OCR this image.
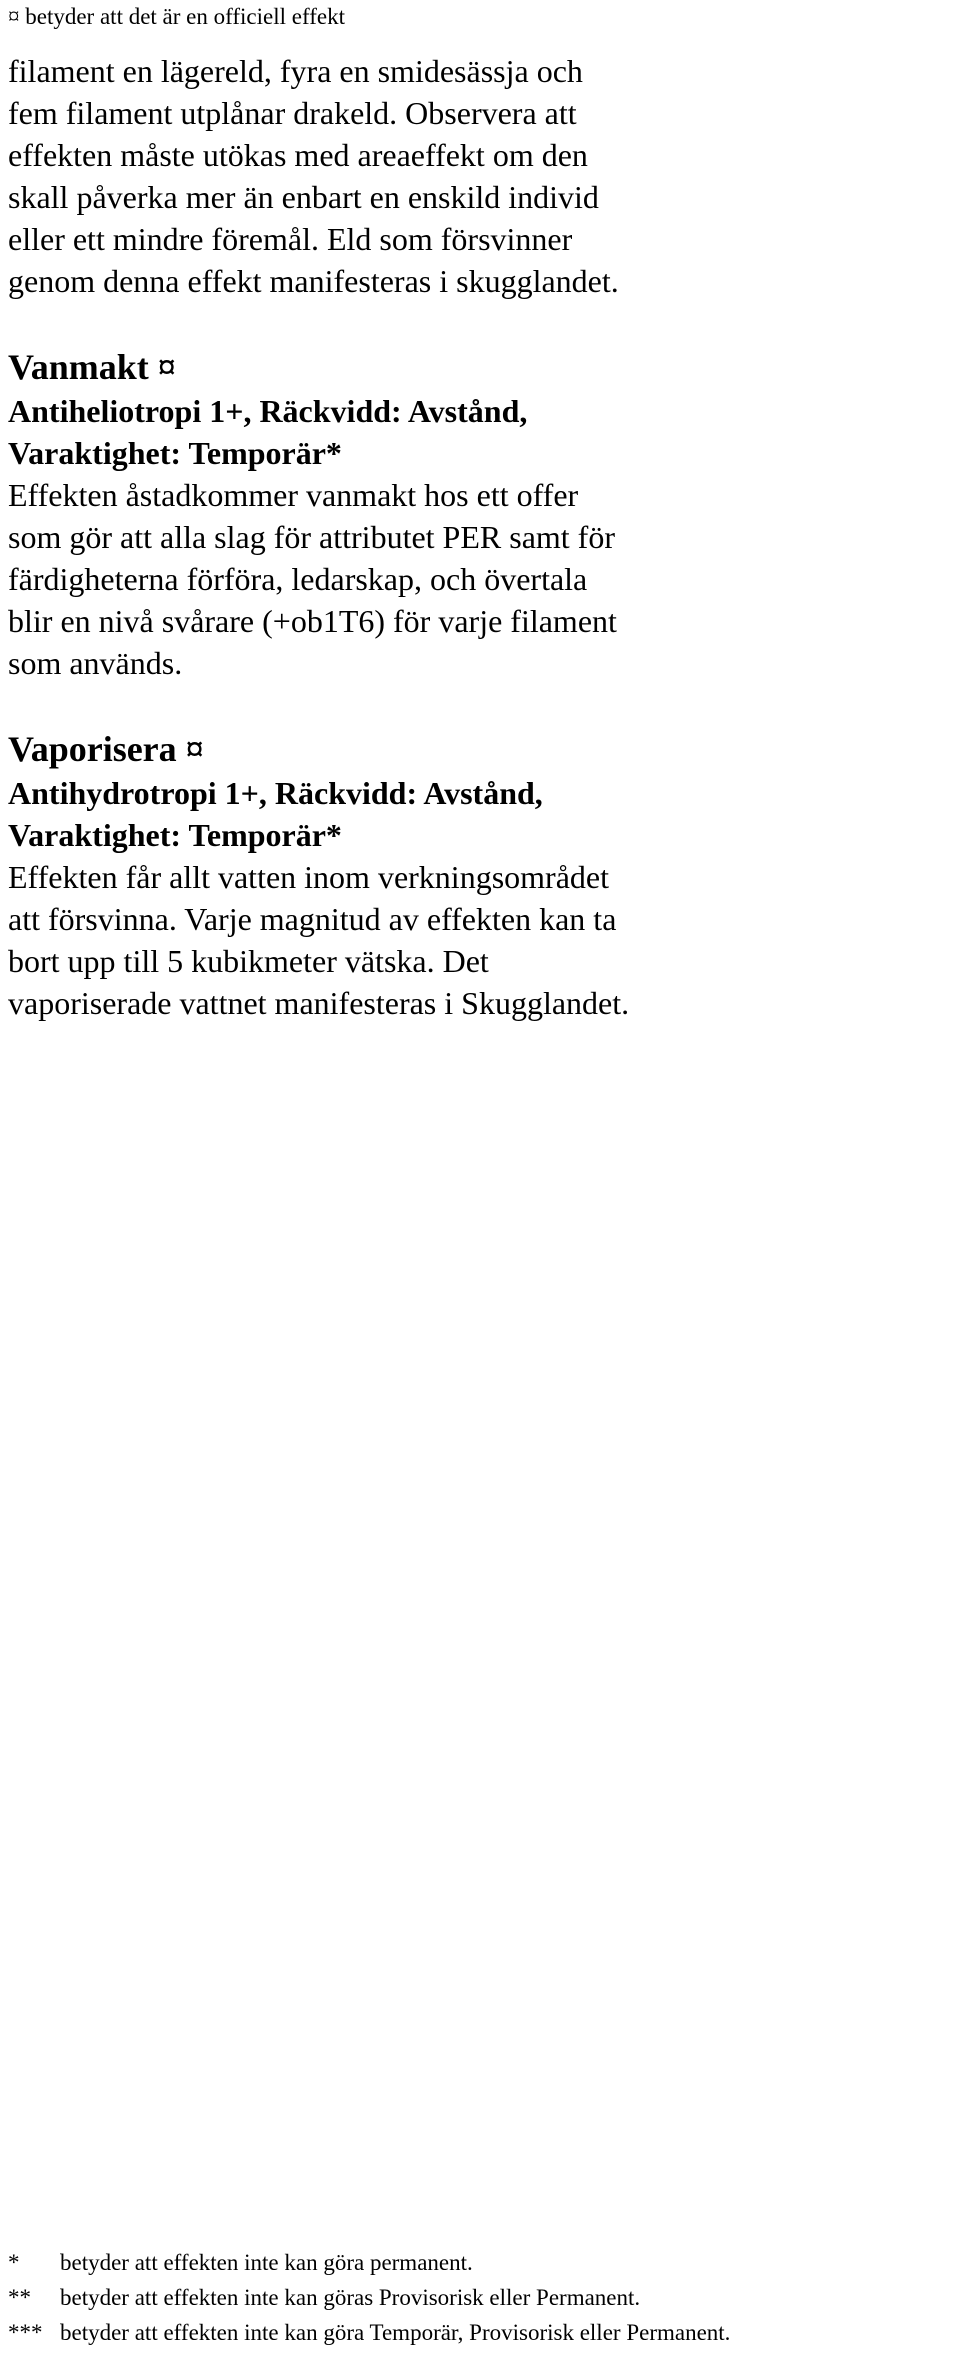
¤ betyder att det är en officiell effekt
filament en lägereld, fyra en smidesässja och
fem filament utplånar drakeld. Observera att
effekten måste utökas med areaeffekt om den
skall påverka mer än enbart en enskild individ
eller ett mindre föremål. Eld som försvinner
genom denna effekt manifesteras i skugglandet.
Vanmakt ¤
Antiheliotropi 1+, Räckvidd: Avstånd,
Varaktighet: Temporär*
Effekten åstadkommer vanmakt hos ett offer
som gör att alla slag för attributet PER samt för
färdigheterna förföra, ledarskap, och övertala
blir en nivå svårare (+ob1T6) för varje filament
som används.
Vaporisera ¤
Antihydrotropi 1+, Räckvidd: Avstånd,
Varaktighet: Temporär*
Effekten får allt vatten inom verkningsområdet
att försvinna. Varje magnitud av effekten kan ta
bort upp till 5 kubikmeter vätska. Det
vaporiserade vattnet manifesteras i Skugglandet.
* betyder att effekten inte kan göra permanent.
** betyder att effekten inte kan göras Provisorisk eller Permanent.
*** betyder att effekten inte kan göra Temporär, Provisorisk eller Permanent.
